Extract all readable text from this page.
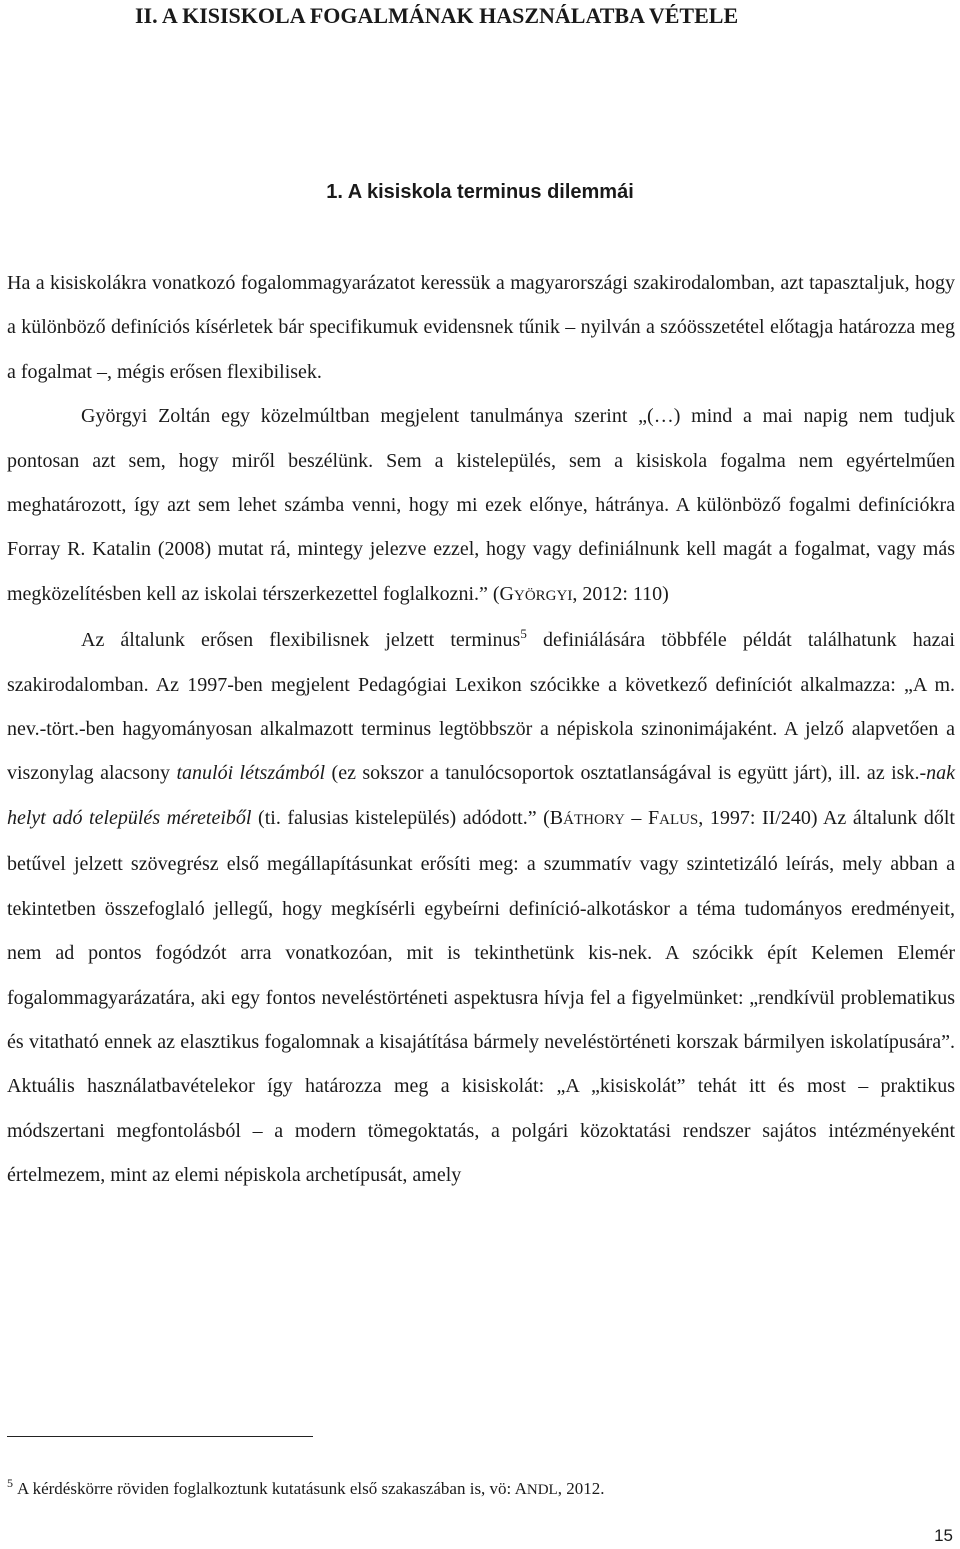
II. A KISISKOLA FOGALMÁNAK HASZNÁLATBA VÉTELE
1. A kisiskola terminus dilemmái

Ha a kisiskolákra vonatkozó fogalommagyarázatot keressük a magyarországi szakirodalomban, azt tapasztaljuk, hogy a különböző definíciós kísérletek bár specifikumuk evidensnek tűnik – nyilván a szóösszetétel előtagja határozza meg a fogalmat –, mégis erősen flexibilisek.

Györgyi Zoltán egy közelmúltban megjelent tanulmánya szerint „(…) mind a mai napig nem tudjuk pontosan azt sem, hogy miről beszélünk. Sem a kistelepülés, sem a kisiskola fogalma nem egyértelműen meghatározott, így azt sem lehet számba venni, hogy mi ezek előnye, hátránya. A különböző fogalmi definíciókra Forray R. Katalin (2008) mutat rá, mintegy jelezve ezzel, hogy vagy definiálnunk kell magát a fogalmat, vagy más megközelítésben kell az iskolai térszerkezettel foglalkozni.” (GYÖRGYI, 2012: 110)

Az általunk erősen flexibilisnek jelzett terminus$^5$ definiálására többféle példát találhatunk hazai szakirodalomban. Az 1997-ben megjelent Pedagógiai Lexikon szócikke a következő definíciót alkalmazza: „A m. nev.-tört.-ben hagyományosan alkalmazott terminus legtöbbször a népiskola szinonimájaként. A jelző alapvetően a viszonylag alacsony tanulói létszámból (ez sokszor a tanulócsoportok osztatlanságával is együtt járt), ill. az isk.-nak helyt adó település méreteiből (ti. falusias kistelepülés) adódott.” (BÁTHORY – FALUS, 1997: II/240) Az általunk dőlt betűvel jelzett szövegrész első megállapításunkat erősíti meg: a szummatív vagy szintetizáló leírás, mely abban a tekintetben összefoglaló jellegű, hogy megkísérli egybeírni definíció-alkotáskor a téma tudományos eredményeit, nem ad pontos fogódzót arra vonatkozóan, mit is tekinthetünk kis-nek. A szócikk épít Kelemen Elemér fogalommagyarázatára, aki egy fontos neveléstörténeti aspektusra hívja fel a figyelmünket: „rendkívül problematikus és vitatható ennek az elasztikus fogalomnak a kisajátítása bármely neveléstörténeti korszak bármilyen iskolatípusára”. Aktuális használatbavételekor így határozza meg a kisiskolát: „A „kisiskolát” tehát itt és most – praktikus módszertani megfontolásból – a modern tömegoktatás, a polgári közoktatási rendszer sajátos intézményeként értelmezem, mint az elemi népiskola archetípusát, amely

$^5$ A kérdéskörre röviden foglalkoztunk kutatásunk első szakaszában is, vö: ANDL, 2012.
15
